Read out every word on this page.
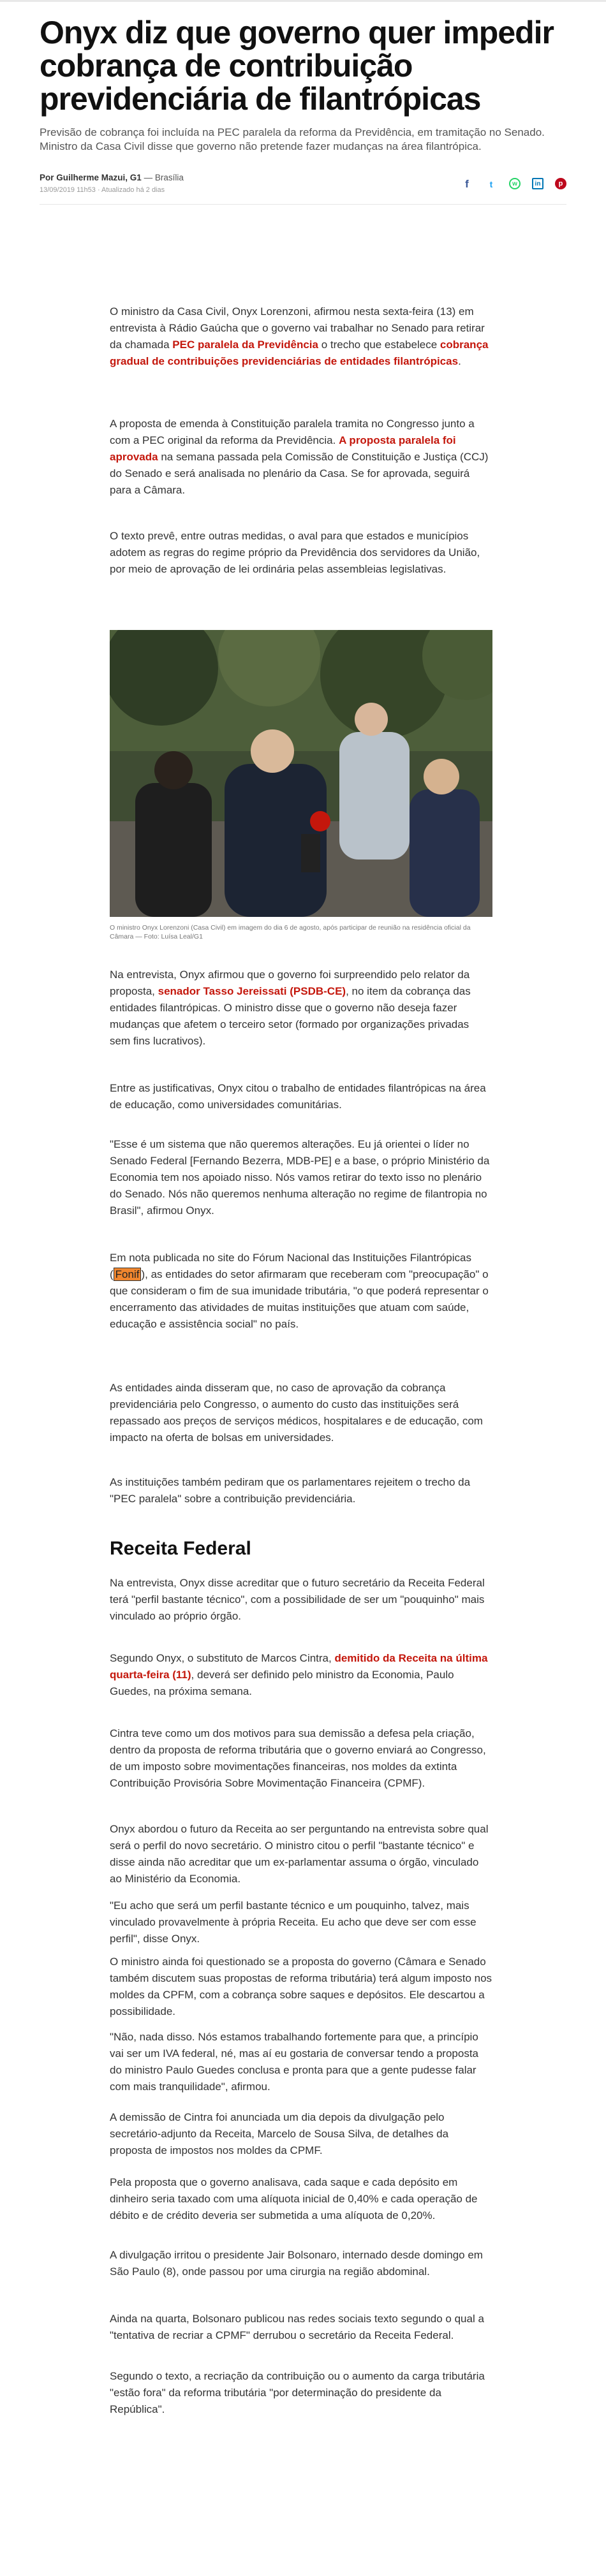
Onyx diz que governo quer impedir cobrança de contribuição previdenciária de filantrópicas

Previsão de cobrança foi incluída na PEC paralela da reforma da Previdência, em tramitação no Senado. Ministro da Casa Civil disse que governo não pretende fazer mudanças na área filantrópica.

Por Guilherme Mazui, G1 — Brasília
13/09/2019 11h53 · Atualizado há 2 dias	f	t	w	in	p
O ministro da Casa Civil, Onyx Lorenzoni, afirmou nesta sexta-feira (13) em entrevista à Rádio Gaúcha que o governo vai trabalhar no Senado para retirar da chamada PEC paralela da Previdência o trecho que estabelece cobrança gradual de contribuições previdenciárias de entidades filantrópicas.
A proposta de emenda à Constituição paralela tramita no Congresso junto a com a PEC original da reforma da Previdência. A proposta paralela foi aprovada na semana passada pela Comissão de Constituição e Justiça (CCJ) do Senado e será analisada no plenário da Casa. Se for aprovada, seguirá para a Câmara.
O texto prevê, entre outras medidas, o aval para que estados e municípios adotem as regras do regime próprio da Previdência dos servidores da União, por meio de aprovação de lei ordinária pelas assembleias legislativas.
O ministro Onyx Lorenzoni (Casa Civil) em imagem do dia 6 de agosto, após participar de reunião na residência oficial da Câmara — Foto: Luísa Leal/G1
Na entrevista, Onyx afirmou que o governo foi surpreendido pelo relator da proposta, senador Tasso Jereissati (PSDB-CE), no item da cobrança das entidades filantrópicas. O ministro disse que o governo não deseja fazer mudanças que afetem o terceiro setor (formado por organizações privadas sem fins lucrativos).
Entre as justificativas, Onyx citou o trabalho de entidades filantrópicas na área de educação, como universidades comunitárias.
"Esse é um sistema que não queremos alterações. Eu já orientei o líder no Senado Federal [Fernando Bezerra, MDB-PE] e a base, o próprio Ministério da Economia tem nos apoiado nisso. Nós vamos retirar do texto isso no plenário do Senado. Nós não queremos nenhuma alteração no regime de filantropia no Brasil", afirmou Onyx.
Em nota publicada no site do Fórum Nacional das Instituições Filantrópicas ( Fonif ), as entidades do setor afirmaram que receberam com "preocupação" o que consideram o fim de sua imunidade tributária, "o que poderá representar o encerramento das atividades de muitas instituições que atuam com saúde, educação e assistência social" no país.
As entidades ainda disseram que, no caso de aprovação da cobrança previdenciária pelo Congresso, o aumento do custo das instituições será repassado aos preços de serviços médicos, hospitalares e de educação, com impacto na oferta de bolsas em universidades.
As instituições também pediram que os parlamentares rejeitem o trecho da "PEC paralela" sobre a contribuição previdenciária.
Receita Federal
Na entrevista, Onyx disse acreditar que o futuro secretário da Receita Federal terá "perfil bastante técnico", com a possibilidade de ser um "pouquinho" mais vinculado ao próprio órgão.
Segundo Onyx, o substituto de Marcos Cintra, demitido da Receita na última quarta-feira (11), deverá ser definido pelo ministro da Economia, Paulo Guedes, na próxima semana.
Cintra teve como um dos motivos para sua demissão a defesa pela criação, dentro da proposta de reforma tributária que o governo enviará ao Congresso, de um imposto sobre movimentações financeiras, nos moldes da extinta Contribuição Provisória Sobre Movimentação Financeira (CPMF).
Onyx abordou o futuro da Receita ao ser perguntando na entrevista sobre qual será o perfil do novo secretário. O ministro citou o perfil "bastante técnico" e disse ainda não acreditar que um ex-parlamentar assuma o órgão, vinculado ao Ministério da Economia.
"Eu acho que será um perfil bastante técnico e um pouquinho, talvez, mais vinculado provavelmente à própria Receita. Eu acho que deve ser com esse perfil", disse Onyx.
O ministro ainda foi questionado se a proposta do governo (Câmara e Senado também discutem suas propostas de reforma tributária) terá algum imposto nos moldes da CPFM, com a cobrança sobre saques e depósitos. Ele descartou a possibilidade.
"Não, nada disso. Nós estamos trabalhando fortemente para que, a princípio vai ser um IVA federal, né, mas aí eu gostaria de conversar tendo a proposta do ministro Paulo Guedes conclusa e pronta para que a gente pudesse falar com mais tranquilidade", afirmou.
A demissão de Cintra foi anunciada um dia depois da divulgação pelo secretário-adjunto da Receita, Marcelo de Sousa Silva, de detalhes da proposta de impostos nos moldes da CPMF.
Pela proposta que o governo analisava, cada saque e cada depósito em dinheiro seria taxado com uma alíquota inicial de 0,40% e cada operação de débito e de crédito deveria ser submetida a uma alíquota de 0,20%.
A divulgação irritou o presidente Jair Bolsonaro, internado desde domingo em São Paulo (8), onde passou por uma cirurgia na região abdominal.
Ainda na quarta, Bolsonaro publicou nas redes sociais texto segundo o qual a "tentativa de recriar a CPMF" derrubou o secretário da Receita Federal.
Segundo o texto, a recriação da contribuição ou o aumento da carga tributária "estão fora" da reforma tributária "por determinação do presidente da República".
